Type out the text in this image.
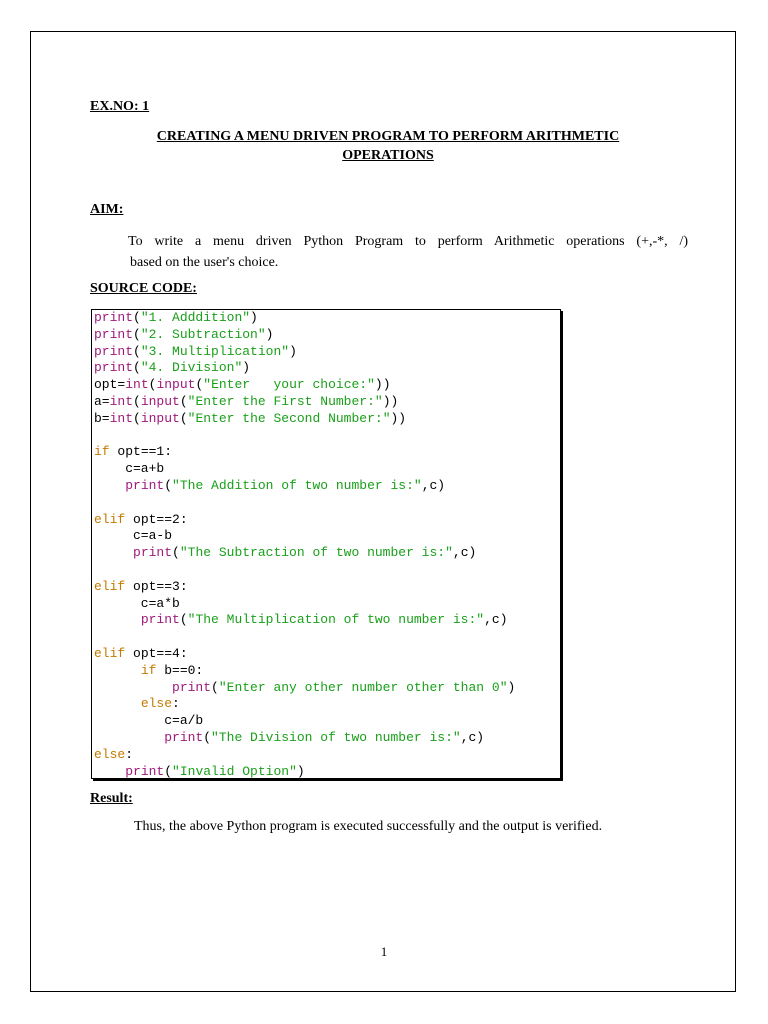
EX.NO: 1
CREATING A MENU DRIVEN PROGRAM TO PERFORM ARITHMETIC
OPERATIONS
AIM:
To write a menu driven Python Program to perform Arithmetic operations (+,-*, /)
based on the user's choice.
SOURCE CODE:
print("1. Adddition")
print("2. Subtraction")
print("3. Multiplication")
print("4. Division")
opt=int(input("Enter   your choice:"))
a=int(input("Enter the First Number:"))
b=int(input("Enter the Second Number:"))

if opt==1:
c=a+b
print("The Addition of two number is:",c)

elif opt==2:
c=a-b
print("The Subtraction of two number is:",c)

elif opt==3:
c=a*b
print("The Multiplication of two number is:",c)

elif opt==4:
if b==0:
print("Enter any other number other than 0")
else:
c=a/b
print("The Division of two number is:",c)
else:
print("Invalid Option")
Result:
Thus, the above Python program is executed successfully and the output is verified.
1
